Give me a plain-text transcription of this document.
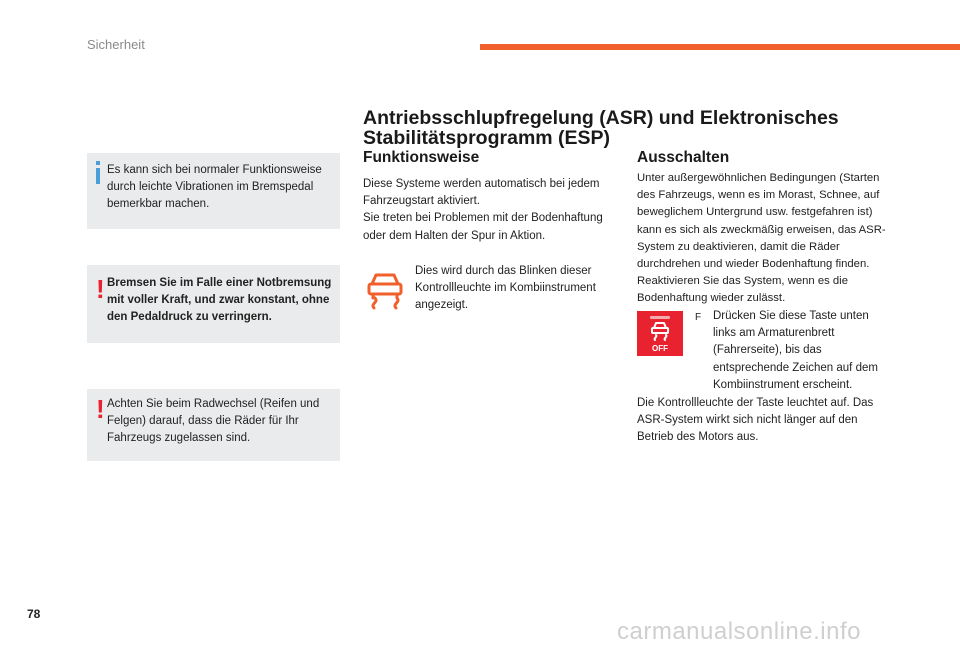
Sicherheit
Es kann sich bei normaler Funktionsweise durch leichte Vibrationen im Bremspedal bemerkbar machen.
! Bremsen Sie im Falle einer Notbremsung mit voller Kraft, und zwar konstant, ohne den Pedaldruck zu verringern.
! Achten Sie beim Radwechsel (Reifen und Felgen) darauf, dass die Räder für Ihr Fahrzeugs zugelassen sind.
Antriebsschlupfregelung (ASR) und Elektronisches
Stabilitätsprogramm (ESP)
Funktionsweise
Diese Systeme werden automatisch bei jedem Fahrzeugstart aktiviert.
Sie treten bei Problemen mit der Bodenhaftung oder dem Halten der Spur in Aktion.
Dies wird durch das Blinken dieser Kontrollleuchte im Kombiinstrument angezeigt.
Ausschalten
Unter außergewöhnlichen Bedingungen (Starten des Fahrzeugs, wenn es im Morast, Schnee, auf beweglichem Untergrund usw. festgefahren ist) kann es sich als zweckmäßig erweisen, das ASR-System zu deaktivieren, damit die Räder durchdrehen und wieder Bodenhaftung finden. Reaktivieren Sie das System, wenn es die Bodenhaftung wieder zulässt.
OFF
F Drücken Sie diese Taste unten links am Armaturenbrett (Fahrerseite), bis das entsprechende Zeichen auf dem Kombiinstrument erscheint.
Die Kontrollleuchte der Taste leuchtet auf. Das ASR-System wirkt sich nicht länger auf den Betrieb des Motors aus.
78
carmanualsonline.info
